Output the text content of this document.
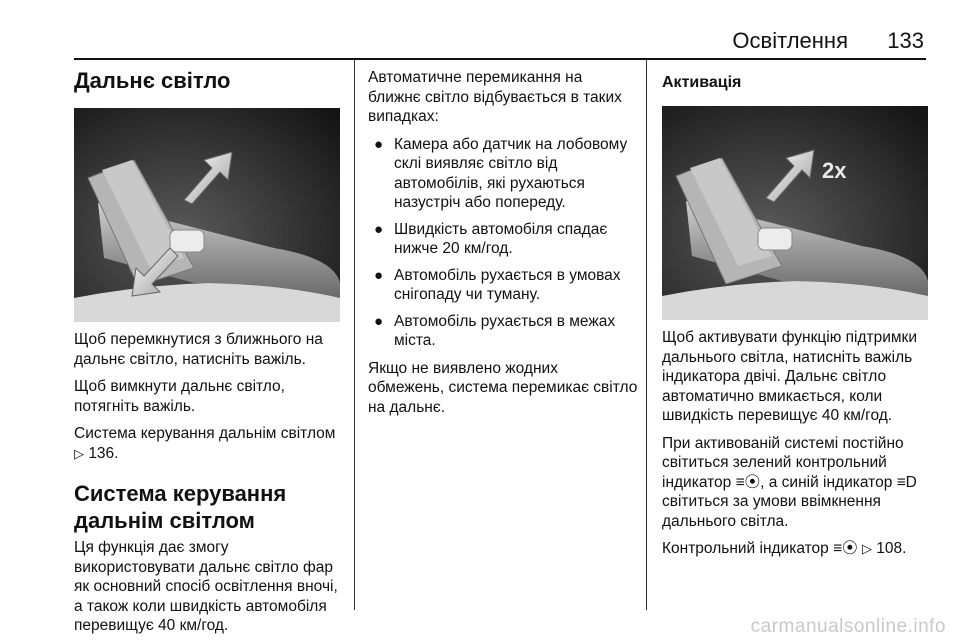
Освітлення 133
Дальнє світло

Щоб перемкнутися з ближнього на дальнє світло, натисніть важіль.

Щоб вимкнути дальнє світло, потягніть важіль.

Система керування дальнім світлом ▷ 136.

Система керування дальнім світлом

Ця функція дає змогу використовувати дальнє світло фар як основний спосіб освітлення вночі, а також коли швидкість автомобіля перевищує 40 км/год.

Автоматичне перемикання на ближнє світло відбувається в таких випадках:

● Камера або датчик на лобовому склі виявляє світло від автомобілів, які рухаються назустріч або попереду.
● Швидкість автомобіля спадає нижче 20 км/год.
● Автомобіль рухається в умовах снігопаду чи туману.
● Автомобіль рухається в межах міста.

Якщо не виявлено жодних обмежень, система перемикає світло на дальнє.

Активація
2x

Щоб активувати функцію підтримки дальнього світла, натисніть важіль індикатора двічі. Дальнє світло автоматично вмикається, коли швидкість перевищує 40 км/год.

При активованій системі постійно світиться зелений контрольний індикатор ≡⦿, а синій індикатор ≡D світиться за умови ввімкнення дальнього світла.

Контрольний індикатор ≡⦿ ▷ 108.

carmanualsonline.info
